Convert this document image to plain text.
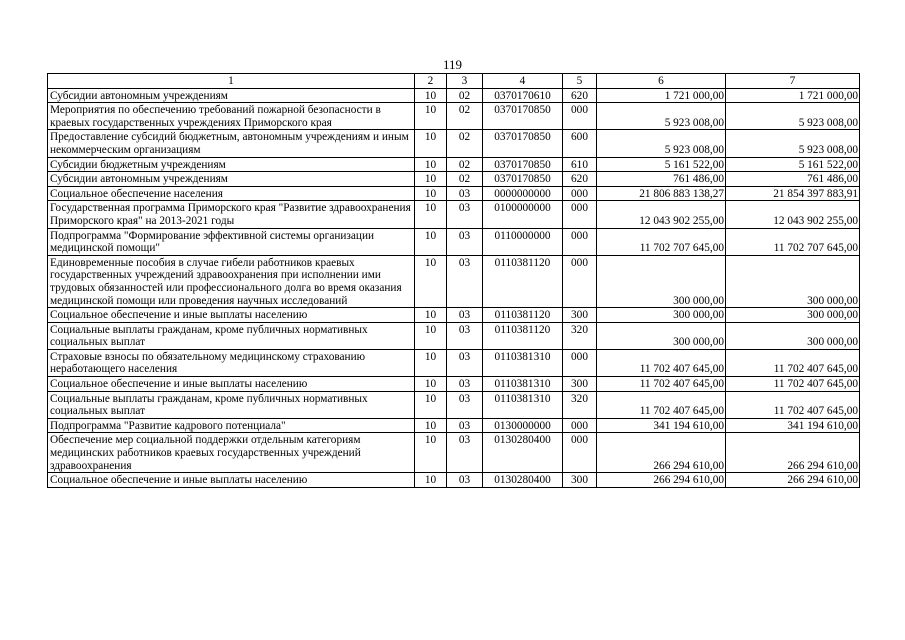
119
1	2	3	4	5	6	7
Субсидии автономным учреждениям	10	02	0370170610	620	1 721 000,00	1 721 000,00
Мероприятия по обеспечению требований пожарной безопасности в краевых государственных учреждениях Приморского края	10	02	0370170850	000	5 923 008,00	5 923 008,00
Предоставление субсидий бюджетным, автономным учреждениям и иным некоммерческим организациям	10	02	0370170850	600	5 923 008,00	5 923 008,00
Субсидии бюджетным учреждениям	10	02	0370170850	610	5 161 522,00	5 161 522,00
Субсидии автономным учреждениям	10	02	0370170850	620	761 486,00	761 486,00
Социальное обеспечение населения	10	03	0000000000	000	21 806 883 138,27	21 854 397 883,91
Государственная программа Приморского края "Развитие здравоохранения Приморского края" на 2013-2021 годы	10	03	0100000000	000	12 043 902 255,00	12 043 902 255,00
Подпрограмма "Формирование эффективной системы организации медицинской помощи"	10	03	0110000000	000	11 702 707 645,00	11 702 707 645,00
Единовременные пособия в случае гибели работников краевых государственных учреждений здравоохранения при исполнении ими трудовых обязанностей или профессионального долга во время оказания медицинской помощи или проведения научных исследований	10	03	0110381120	000	300 000,00	300 000,00
Социальное обеспечение и иные выплаты населению	10	03	0110381120	300	300 000,00	300 000,00
Социальные выплаты гражданам, кроме публичных нормативных социальных выплат	10	03	0110381120	320	300 000,00	300 000,00
Страховые взносы по обязательному медицинскому страхованию неработающего населения	10	03	0110381310	000	11 702 407 645,00	11 702 407 645,00
Социальное обеспечение и иные выплаты населению	10	03	0110381310	300	11 702 407 645,00	11 702 407 645,00
Социальные выплаты гражданам, кроме публичных нормативных социальных выплат	10	03	0110381310	320	11 702 407 645,00	11 702 407 645,00
Подпрограмма "Развитие кадрового потенциала"	10	03	0130000000	000	341 194 610,00	341 194 610,00
Обеспечение мер социальной поддержки отдельным категориям медицинских работников краевых государственных учреждений здравоохранения	10	03	0130280400	000	266 294 610,00	266 294 610,00
Социальное обеспечение и иные выплаты населению	10	03	0130280400	300	266 294 610,00	266 294 610,00
